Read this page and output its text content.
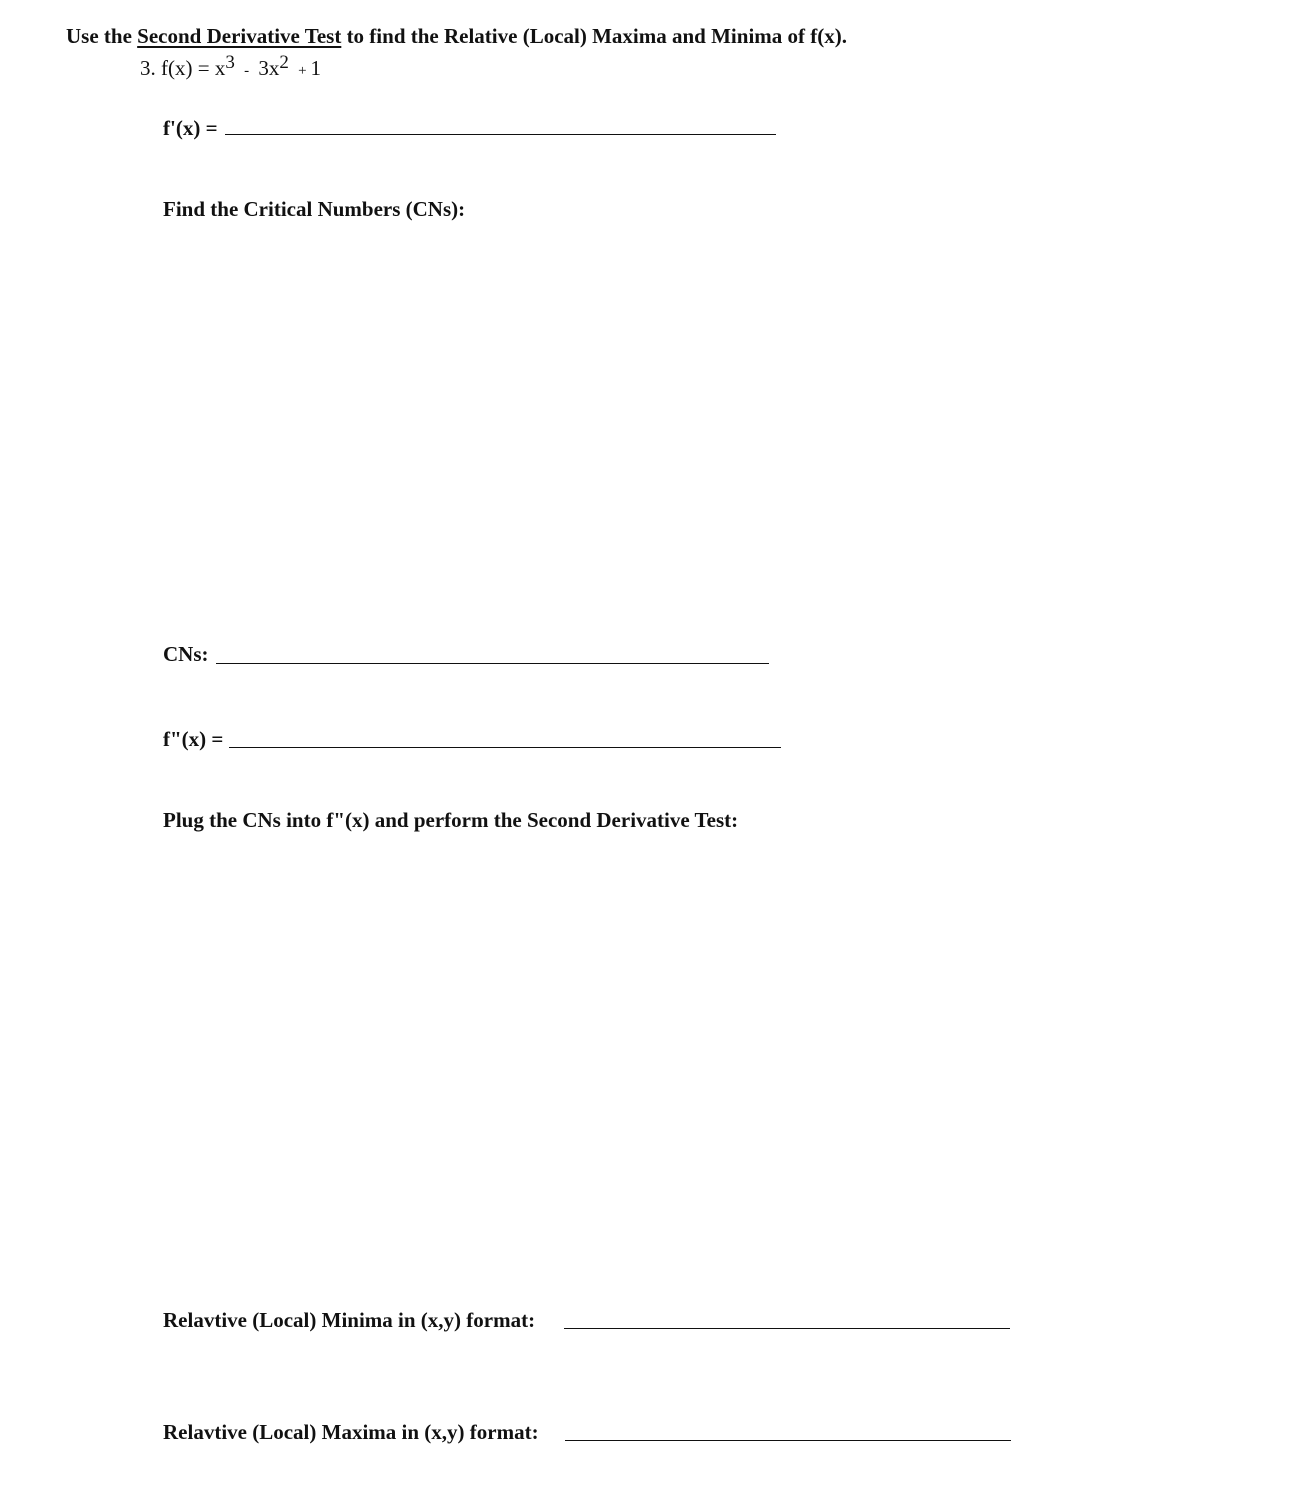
Use the Second Derivative Test to find the Relative (Local) Maxima and Minima of f(x).
3. $f(x) = x^3 - 3x^2 + 1$
f'(x) =
Find the Critical Numbers (CNs):
CNs:
f"(x) =
Plug the CNs into f"(x) and perform the Second Derivative Test:
Relavtive (Local) Minima in (x,y) format:
Relavtive (Local) Maxima in (x,y) format:
